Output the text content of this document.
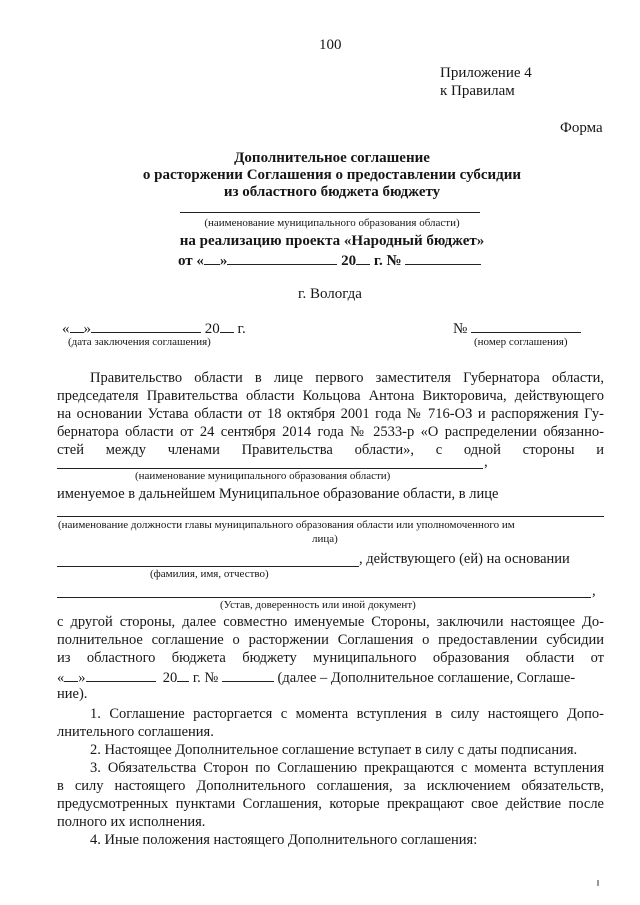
100
Приложение 4
к Правилам
Форма
Дополнительное соглашение
о расторжении Соглашения о предоставлении субсидии
из областного бюджета бюджету
(наименование муниципального образования области)
на реализацию проекта «Народный бюджет»
от « »	20 г. №
г. Вологда
« »	20 г.
(дата заключения соглашения)
№
(номер соглашения)
Правительство области в лице первого заместителя Губернатора области,
председателя Правительства области Кольцова Антона Викторовича, действующего
на основании Устава области от 18 октября 2001 года № 716-ОЗ и распоряжения Гу-
бернатора области от 24 сентября 2014 года № 2533-р «О распределении обязанно-
стей между членами Правительства области», с одной стороны и
,
(наименование муниципального образования области)
именуемое в дальнейшем Муниципальное образование области, в лице
(наименование должности главы муниципального образования области или уполномоченного им
лица)
, действующего (ей) на основании
(фамилия, имя, отчество)
,
(Устав, доверенность или иной документ)
с другой стороны, далее совместно именуемые Стороны, заключили настоящее До-
полнительное соглашение о расторжении Соглашения о предоставлении субсидии
из областного бюджета бюджету муниципального образования области от
« »	20 г. №	(далее – Дополнительное соглашение, Соглаше-
ние).
1. Соглашение расторгается с момента вступления в силу настоящего Допо-
лнительного соглашения.
2. Настоящее Дополнительное соглашение вступает в силу с даты подписания.
3. Обязательства Сторон по Соглашению прекращаются с момента вступления
в силу настоящего Дополнительного соглашения, за исключением обязательств,
предусмотренных пунктами Соглашения, которые прекращают свое действие после
полного их исполнения.
4. Иные положения настоящего Дополнительного соглашения:
